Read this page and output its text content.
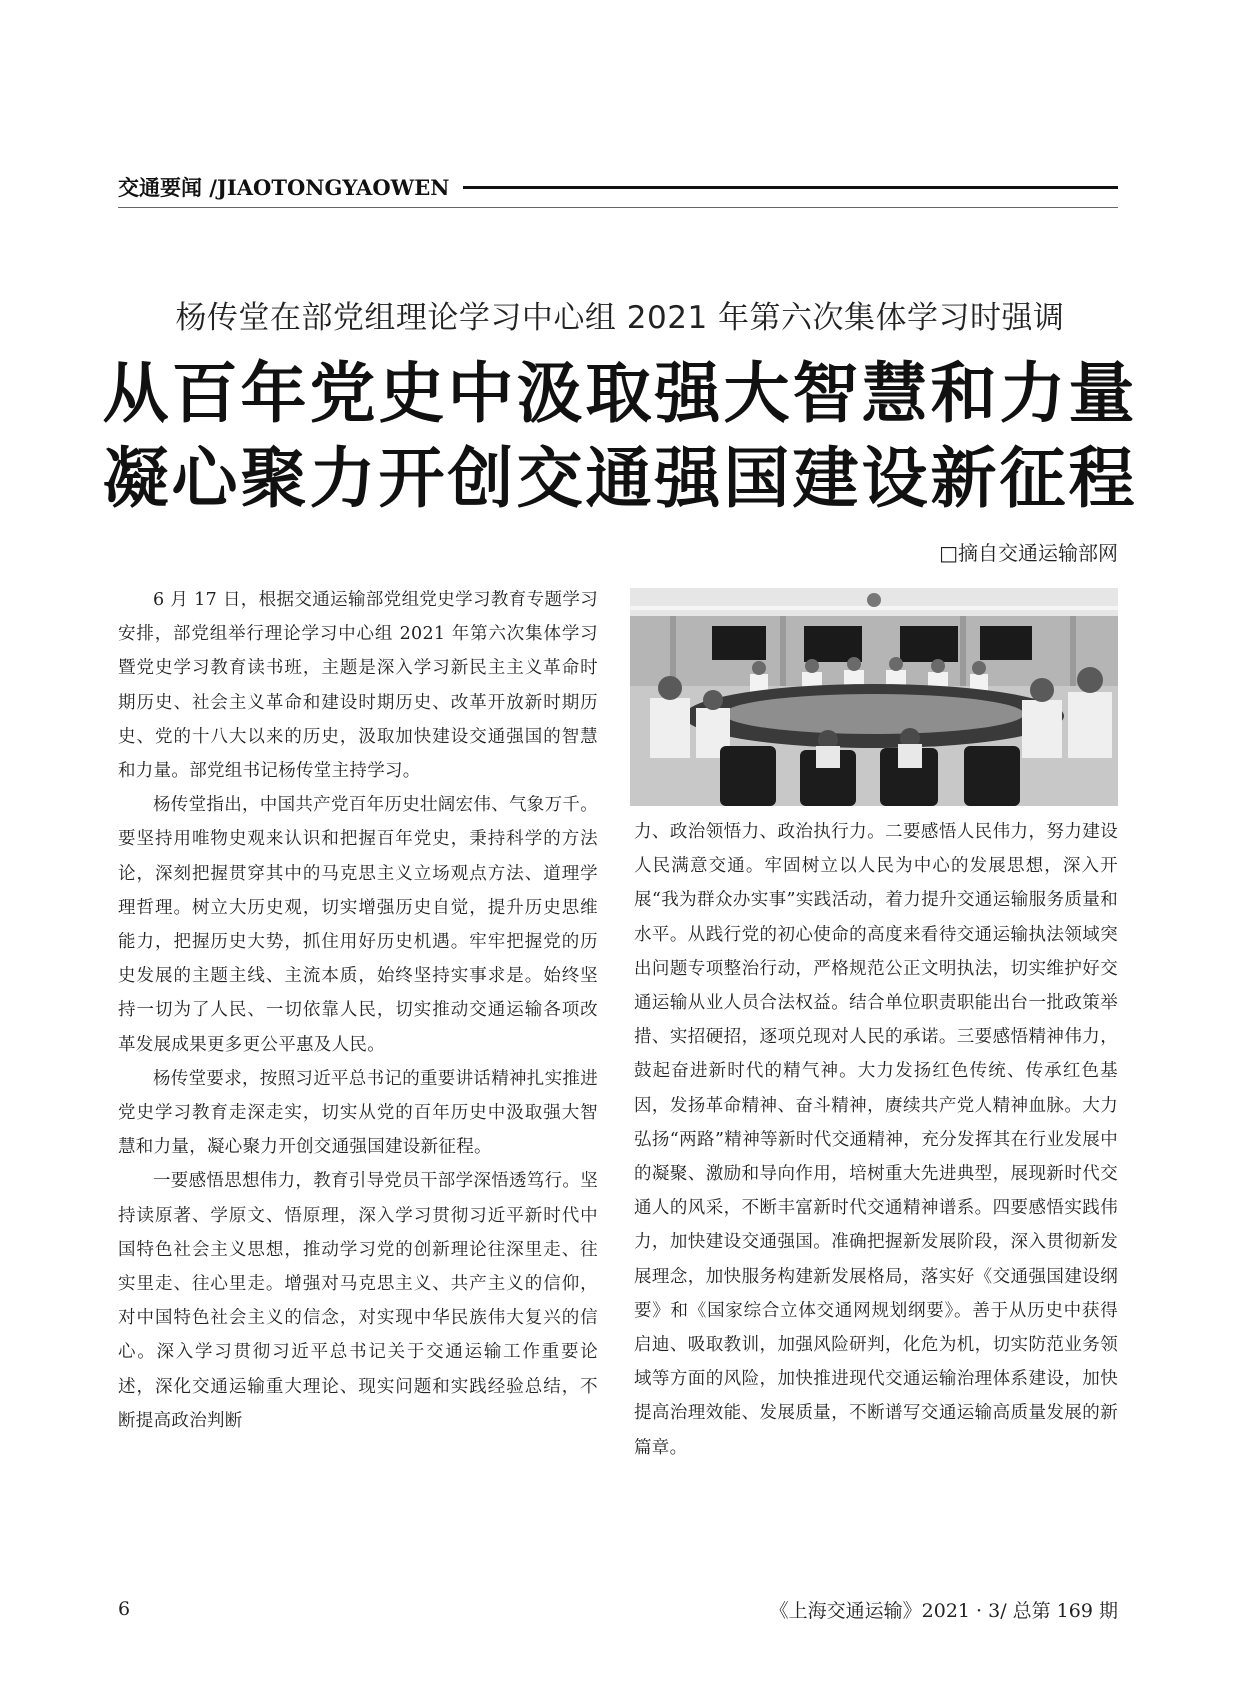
交通要闻 /JIAOTONGYAOWEN
杨传堂在部党组理论学习中心组 2021 年第六次集体学习时强调
从百年党史中汲取强大智慧和力量
凝心聚力开创交通强国建设新征程
□摘自交通运输部网

6 月 17 日，根据交通运输部党组党史学习教育专题学习安排，部党组举行理论学习中心组 2021 年第六次集体学习暨党史学习教育读书班，主题是深入学习新民主主义革命时期历史、社会主义革命和建设时期历史、改革开放新时期历史、党的十八大以来的历史，汲取加快建设交通强国的智慧和力量。部党组书记杨传堂主持学习。

杨传堂指出，中国共产党百年历史壮阔宏伟、气象万千。要坚持用唯物史观来认识和把握百年党史，秉持科学的方法论，深刻把握贯穿其中的马克思主义立场观点方法、道理学理哲理。树立大历史观，切实增强历史自觉，提升历史思维能力，把握历史大势，抓住用好历史机遇。牢牢把握党的历史发展的主题主线、主流本质，始终坚持实事求是。始终坚持一切为了人民、一切依靠人民，切实推动交通运输各项改革发展成果更多更公平惠及人民。

杨传堂要求，按照习近平总书记的重要讲话精神扎实推进党史学习教育走深走实，切实从党的百年历史中汲取强大智慧和力量，凝心聚力开创交通强国建设新征程。

一要感悟思想伟力，教育引导党员干部学深悟透笃行。坚持读原著、学原文、悟原理，深入学习贯彻习近平新时代中国特色社会主义思想，推动学习党的创新理论往深里走、往实里走、往心里走。增强对马克思主义、共产主义的信仰，对中国特色社会主义的信念，对实现中华民族伟大复兴的信心。深入学习贯彻习近平总书记关于交通运输工作重要论述，深化交通运输重大理论、现实问题和实践经验总结，不断提高政治判断

力、政治领悟力、政治执行力。二要感悟人民伟力，努力建设人民满意交通。牢固树立以人民为中心的发展思想，深入开展“我为群众办实事”实践活动，着力提升交通运输服务质量和水平。从践行党的初心使命的高度来看待交通运输执法领域突出问题专项整治行动，严格规范公正文明执法，切实维护好交通运输从业人员合法权益。结合单位职责职能出台一批政策举措、实招硬招，逐项兑现对人民的承诺。三要感悟精神伟力，鼓起奋进新时代的精气神。大力发扬红色传统、传承红色基因，发扬革命精神、奋斗精神，赓续共产党人精神血脉。大力弘扬“两路”精神等新时代交通精神，充分发挥其在行业发展中的凝聚、激励和导向作用，培树重大先进典型，展现新时代交通人的风采，不断丰富新时代交通精神谱系。四要感悟实践伟力，加快建设交通强国。准确把握新发展阶段，深入贯彻新发展理念，加快服务构建新发展格局，落实好《交通强国建设纲要》和《国家综合立体交通网规划纲要》。善于从历史中获得启迪、吸取教训，加强风险研判，化危为机，切实防范业务领域等方面的风险，加快推进现代交通运输治理体系建设，加快提高治理效能、发展质量，不断谱写交通运输高质量发展的新篇章。

6	《上海交通运输》2021 · 3/ 总第 169 期
